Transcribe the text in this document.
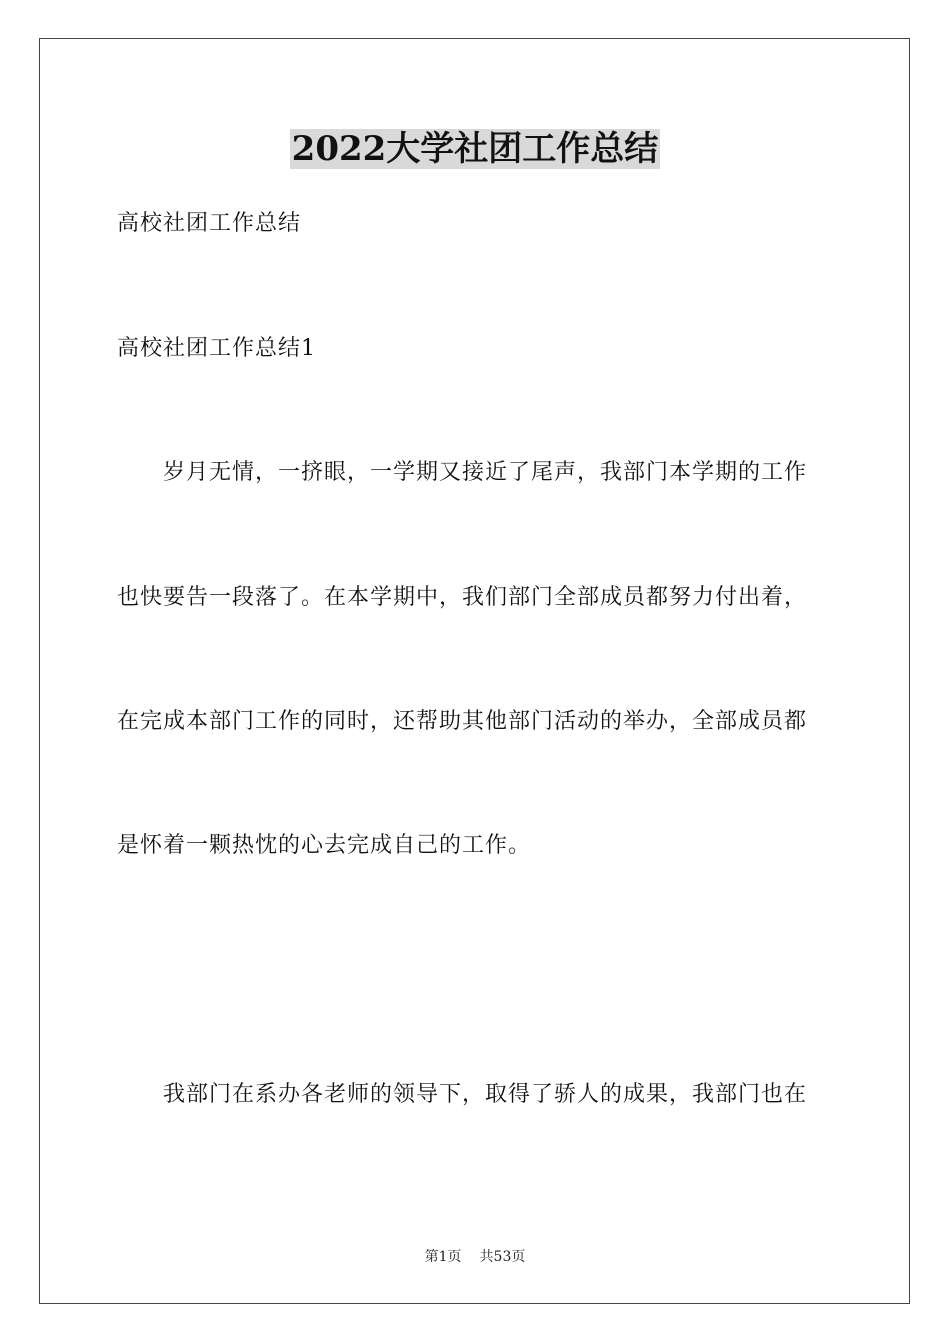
2022大学社团工作总结

高校社团工作总结

高校社团工作总结1

岁月无情，一挤眼，一学期又接近了尾声，我部门本学期的工作

也快要告一段落了。在本学期中，我们部门全部成员都努力付出着，

在完成本部门工作的同时，还帮助其他部门活动的举办，全部成员都

是怀着一颗热忱的心去完成自己的工作。

我部门在系办各老师的领导下，取得了骄人的成果，我部门也在

第1页 共53页
